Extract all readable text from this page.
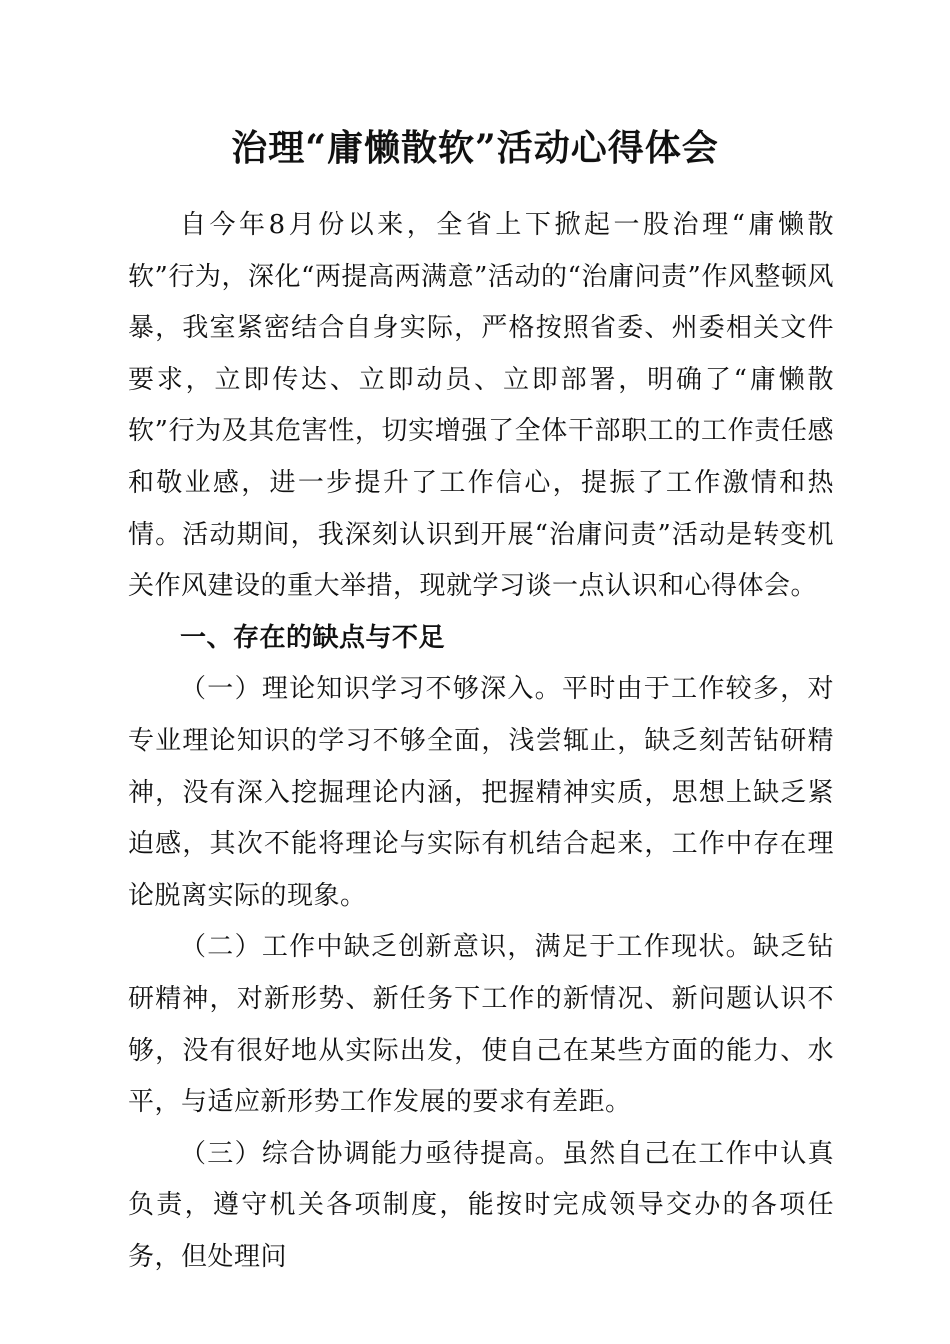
治理“庸懒散软”活动心得体会

自今年8月份以来，全省上下掀起一股治理“庸懒散软”行为，深化“两提高两满意”活动的“治庸问责”作风整顿风暴，我室紧密结合自身实际，严格按照省委、州委相关文件要求，立即传达、立即动员、立即部署，明确了“庸懒散软”行为及其危害性，切实增强了全体干部职工的工作责任感和敬业感，进一步提升了工作信心，提振了工作激情和热情。活动期间，我深刻认识到开展“治庸问责”活动是转变机关作风建设的重大举措，现就学习谈一点认识和心得体会。

一、存在的缺点与不足

（一）理论知识学习不够深入。平时由于工作较多，对专业理论知识的学习不够全面，浅尝辄止，缺乏刻苦钻研精神，没有深入挖掘理论内涵，把握精神实质，思想上缺乏紧迫感，其次不能将理论与实际有机结合起来，工作中存在理论脱离实际的现象。

（二）工作中缺乏创新意识，满足于工作现状。缺乏钻研精神，对新形势、新任务下工作的新情况、新问题认识不够，没有很好地从实际出发，使自己在某些方面的能力、水平，与适应新形势工作发展的要求有差距。

（三）综合协调能力亟待提高。虽然自己在工作中认真负责，遵守机关各项制度，能按时完成领导交办的各项任务，但处理问
